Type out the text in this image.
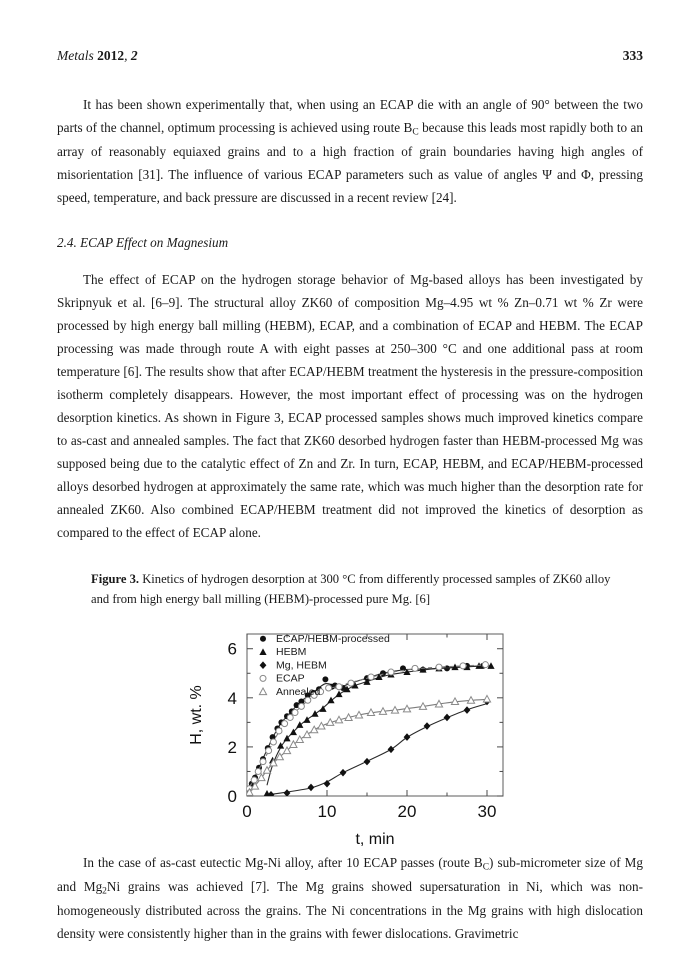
Metals 2012, 2	333

It has been shown experimentally that, when using an ECAP die with an angle of 90° between the two parts of the channel, optimum processing is achieved using route $B_C$ because this leads most rapidly both to an array of reasonably equiaxed grains and to a high fraction of grain boundaries having high angles of misorientation [31]. The influence of various ECAP parameters such as value of angles Ψ and Φ, pressing speed, temperature, and back pressure are discussed in a recent review [24].

2.4. ECAP Effect on Magnesium

The effect of ECAP on the hydrogen storage behavior of Mg-based alloys has been investigated by Skripnyuk et al. [6–9]. The structural alloy ZK60 of composition Mg–4.95 wt % Zn–0.71 wt % Zr were processed by high energy ball milling (HEBM), ECAP, and a combination of ECAP and HEBM. The ECAP processing was made through route A with eight passes at 250–300 °C and one additional pass at room temperature [6]. The results show that after ECAP/HEBM treatment the hysteresis in the pressure-composition isotherm completely disappears. However, the most important effect of processing was on the hydrogen desorption kinetics. As shown in Figure 3, ECAP processed samples shows much improved kinetics compare to as-cast and annealed samples. The fact that ZK60 desorbed hydrogen faster than HEBM-processed Mg was supposed being due to the catalytic effect of Zn and Zr. In turn, ECAP, HEBM, and ECAP/HEBM-processed alloys desorbed hydrogen at approximately the same rate, which was much higher than the desorption rate for annealed ZK60. Also combined ECAP/HEBM treatment did not improved the kinetics of desorption as compared to the effect of ECAP alone.

Figure 3. Kinetics of hydrogen desorption at 300 °C from differently processed samples of ZK60 alloy and from high energy ball milling (HEBM)-processed pure Mg. [6]
0	10	20	30
0
2
4
6
t, min
H, wt. %
ECAP/HEBM-processed
HEBM
Mg, HEBM
ECAP
Annealed

In the case of as-cast eutectic Mg-Ni alloy, after 10 ECAP passes (route $B_C$) sub-micrometer size of Mg and $Mg_2Ni$ grains was achieved [7]. The Mg grains showed supersaturation in Ni, which was non-homogeneously distributed across the grains. The Ni concentrations in the Mg grains with high dislocation density were consistently higher than in the grains with fewer dislocations. Gravimetric
